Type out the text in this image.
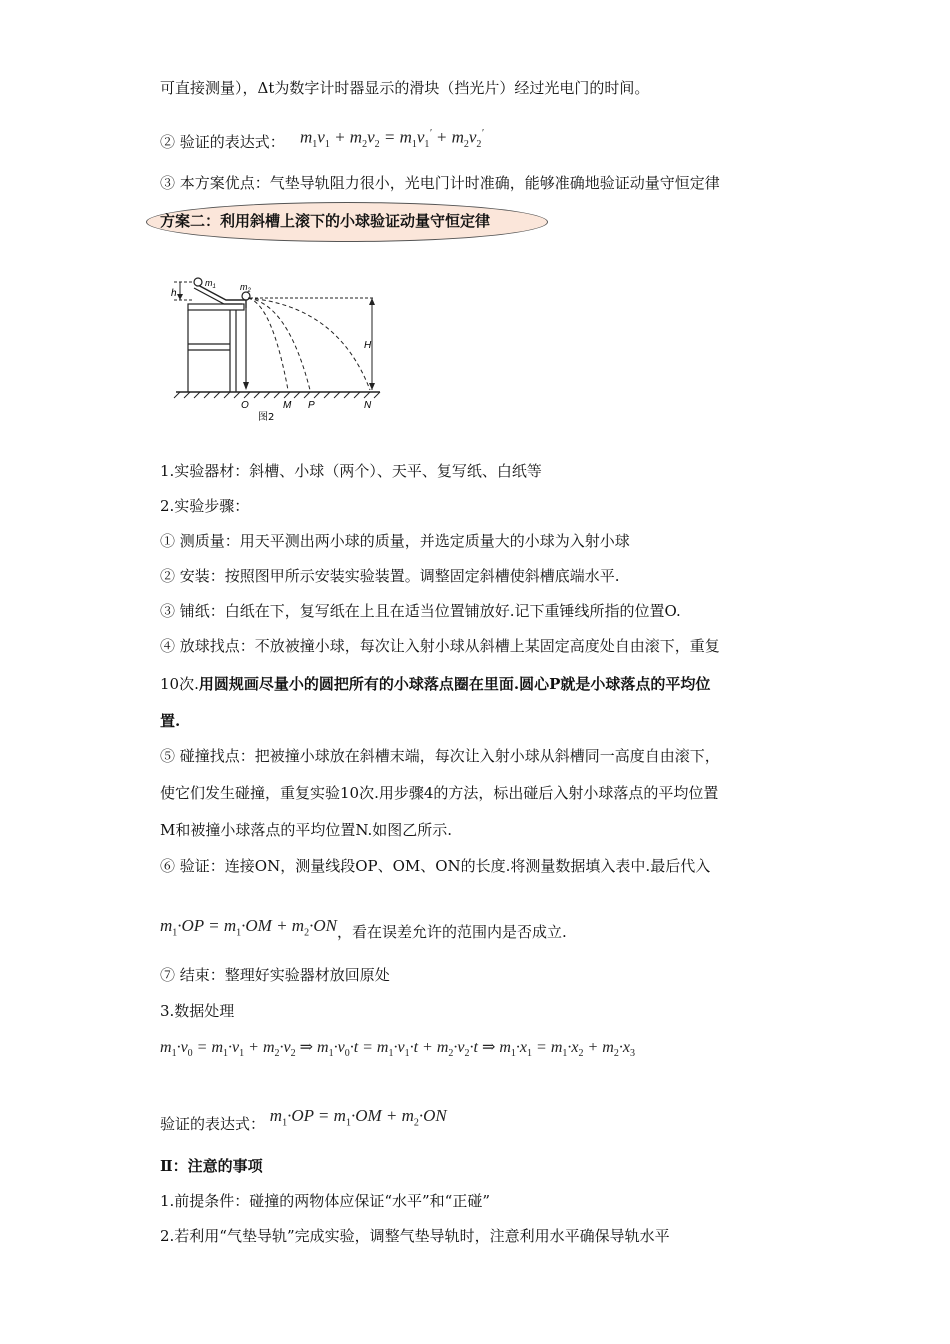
可直接测量），Δt为数字计时器显示的滑块（挡光片）经过光电门的时间。
② 验证的表达式： $m_1v_1 + m_2v_2 = m_1v_1' + m_2v_2'$
③ 本方案优点：气垫导轨阻力很小，光电门计时准确，能够准确地验证动量守恒定律
方案二：利用斜槽上滚下的小球验证动量守恒定律
$m_1$	$m_2$
h
H
O	M P	N
图2
1.实验器材：斜槽、小球（两个）、天平、复写纸、白纸等
2.实验步骤：
① 测质量：用天平测出两小球的质量，并选定质量大的小球为入射小球
② 安装：按照图甲所示安装实验装置。调整固定斜槽使斜槽底端水平.
③ 铺纸：白纸在下，复写纸在上且在适当位置铺放好.记下重锤线所指的位置O.
④ 放球找点：不放被撞小球，每次让入射小球从斜槽上某固定高度处自由滚下，重复
10次.用圆规画尽量小的圆把所有的小球落点圈在里面.圆心P就是小球落点的平均位
置.
⑤ 碰撞找点：把被撞小球放在斜槽末端，每次让入射小球从斜槽同一高度自由滚下，
使它们发生碰撞，重复实验10次.用步骤4的方法，标出碰后入射小球落点的平均位置
M和被撞小球落点的平均位置N.如图乙所示.
⑥ 验证：连接ON，测量线段OP、OM、ON的长度.将测量数据填入表中.最后代入
$m_1\cdot OP = m_1\cdot OM + m_2\cdot ON$，看在误差允许的范围内是否成立.
⑦ 结束：整理好实验器材放回原处
3.数据处理
$m_1\cdot v_0 = m_1\cdot v_1 + m_2\cdot v_2$ ⇒ $m_1\cdot v_0\cdot t = m_1\cdot v_1\cdot t + m_2\cdot v_2\cdot t$ ⇒ $m_1\cdot x_1 = m_1\cdot x_2 + m_2\cdot x_3$
验证的表达式： $m_1\cdot OP = m_1\cdot OM + m_2\cdot ON$
Ⅱ：注意的事项
1.前提条件：碰撞的两物体应保证“水平”和“正碰”
2.若利用“气垫导轨”完成实验，调整气垫导轨时，注意利用水平确保导轨水平
